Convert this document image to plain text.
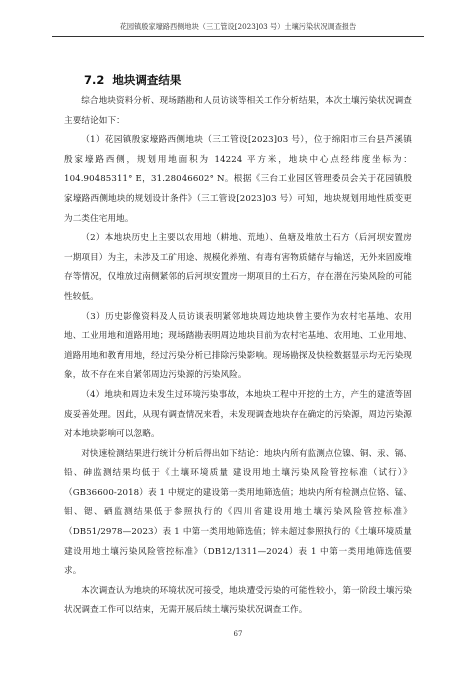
花园镇殷家壕路西侧地块（三工管设[2023]03 号）土壤污染状况调查报告
7.2 地块调查结果

综合地块资料分析、现场踏勘和人员访谈等相关工作分析结果，本次土壤污染状况调查主要结论如下：

（1）花园镇殷家壕路西侧地块（三工管设[2023]03 号），位于绵阳市三台县芦溪镇殷家壕路西侧，规划用地面积为 14224 平方米，地块中心点经纬度坐标为：104.90485311° E，31.28046602° N。根据《三台工业园区管理委员会关于花园镇殷家壕路西侧地块的规划设计条件》（三工管设[2023]03 号）可知，地块规划用地性质变更为二类住宅用地。

（2）本地块历史上主要以农用地（耕地、荒地）、鱼塘及堆放土石方（后河坝安置房一期项目）为主，未涉及工矿用途、规模化养殖、有毒有害物质储存与输送，无外来固废堆存等情况，仅堆放过南侧紧邻的后河坝安置房一期项目的土石方，存在潜在污染风险的可能性较低。

（3）历史影像资料及人员访谈表明紧邻地块周边地块曾主要作为农村宅基地、农用地、工业用地和道路用地；现场踏勘表明周边地块目前为农村宅基地、农用地、工业用地、道路用地和教育用地，经过污染分析已排除污染影响。现场勘探及快检数据显示均无污染现象，故不存在来自紧邻周边污染源的污染风险。

（4）地块和周边未发生过环境污染事故，本地块工程中开挖的土方，产生的建渣等固废妥善处理。因此，从现有调查情况来看，未发现调查地块存在确定的污染源，周边污染源对本地块影响可以忽略。

对快速检测结果进行统计分析后得出如下结论：地块内所有监测点位镍、铜、汞、镉、铅、砷监测结果均低于《土壤环境质量 建设用地土壤污染风险管控标准（试行）》（GB36600-2018）表 1 中规定的建设第一类用地筛选值；地块内所有检测点位铬、锰、钼、锶、硒监测结果低于参照执行的《四川省建设用地土壤污染风险管控标准》（DB51/2978—2023）表 1 中第一类用地筛选值；锌未超过参照执行的《土壤环境质量 建设用地土壤污染风险管控标准》（DB12/1311—2024）表 1 中第一类用地筛选值要求。

本次调查认为地块的环境状况可接受，地块遭受污染的可能性较小，第一阶段土壤污染状况调查工作可以结束，无需开展后续土壤污染状况调查工作。

67
